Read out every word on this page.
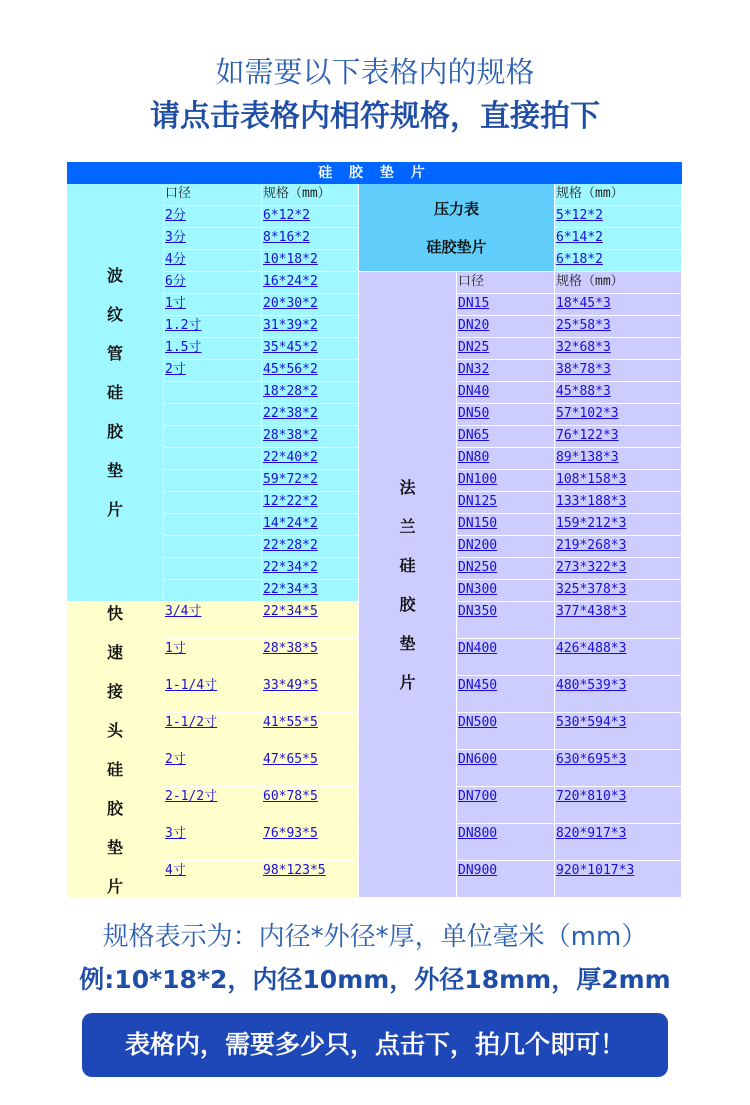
如需要以下表格内的规格
请点击表格内相符规格，直接拍下
硅 胶 垫 片
波
纹
管
硅
胶
垫
片
口径	规格（mm）
2分	6*12*2
3分	8*16*2
4分	10*18*2
6分	16*24*2
1寸	20*30*2
1.2寸	31*39*2
1.5寸	35*45*2
2寸	45*56*2
18*28*2
22*38*2
28*38*2
22*40*2
59*72*2
12*22*2
14*24*2
22*28*2
22*34*2
22*34*3
快
速
接
头
硅
胶
垫
片
3/4寸	22*34*5
1寸	28*38*5
1-1/4寸	33*49*5
1-1/2寸	41*55*5
2寸	47*65*5
2-1/2寸	60*78*5
3寸	76*93*5
4寸	98*123*5
压力表
硅胶垫片
规格（mm）
5*12*2
6*14*2
6*18*2
法
兰
硅
胶
垫
片
口径	规格（mm）
DN15	18*45*3
DN20	25*58*3
DN25	32*68*3
DN32	38*78*3
DN40	45*88*3
DN50	57*102*3
DN65	76*122*3
DN80	89*138*3
DN100	108*158*3
DN125	133*188*3
DN150	159*212*3
DN200	219*268*3
DN250	273*322*3
DN300	325*378*3
DN350	377*438*3
DN400	426*488*3
DN450	480*539*3
DN500	530*594*3
DN600	630*695*3
DN700	720*810*3
DN800	820*917*3
DN900	920*1017*3
规格表示为：内径*外径*厚，单位毫米（mm）
例:10*18*2，内径10mm，外径18mm，厚2mm
表格内，需要多少只，点击下，拍几个即可！
